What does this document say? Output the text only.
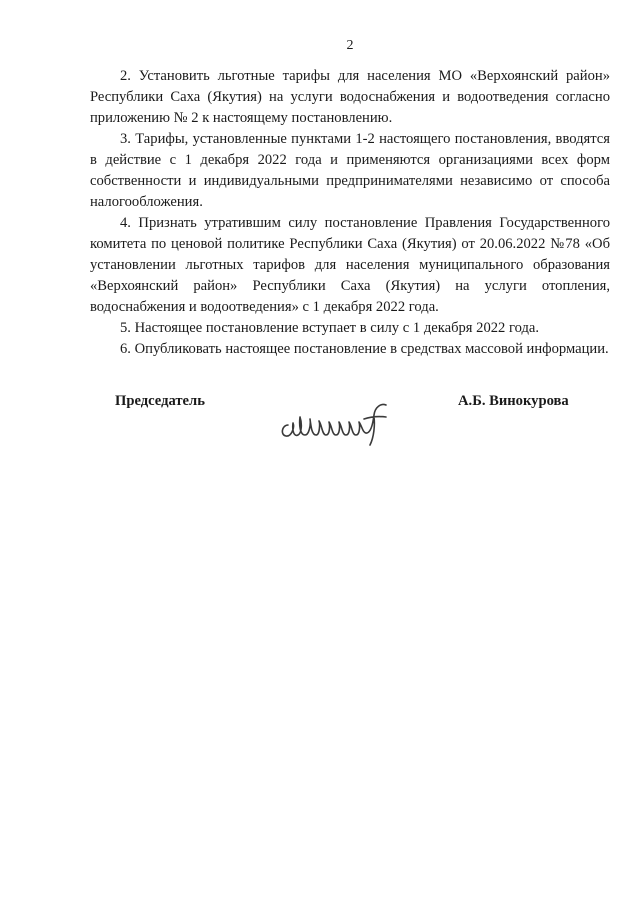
2

2. Установить льготные тарифы для населения МО «Верхоянский район» Республики Саха (Якутия) на услуги водоснабжения и водоотведения согласно приложению № 2 к настоящему постановлению.

3. Тарифы, установленные пунктами 1-2 настоящего постановления, вводятся в действие с 1 декабря 2022 года и применяются организациями всех форм собственности и индивидуальными предпринимателями независимо от способа налогообложения.

4. Признать утратившим силу постановление Правления Государственного комитета по ценовой политике Республики Саха (Якутия) от 20.06.2022 №78 «Об установлении льготных тарифов для населения муниципального образования «Верхоянский район» Республики Саха (Якутия) на услуги отопления, водоснабжения и водоотведения» с 1 декабря 2022 года.

5. Настоящее постановление вступает в силу с 1 декабря 2022 года.

6. Опубликовать настоящее постановление в средствах массовой информации.

Председатель	А.Б. Винокурова
